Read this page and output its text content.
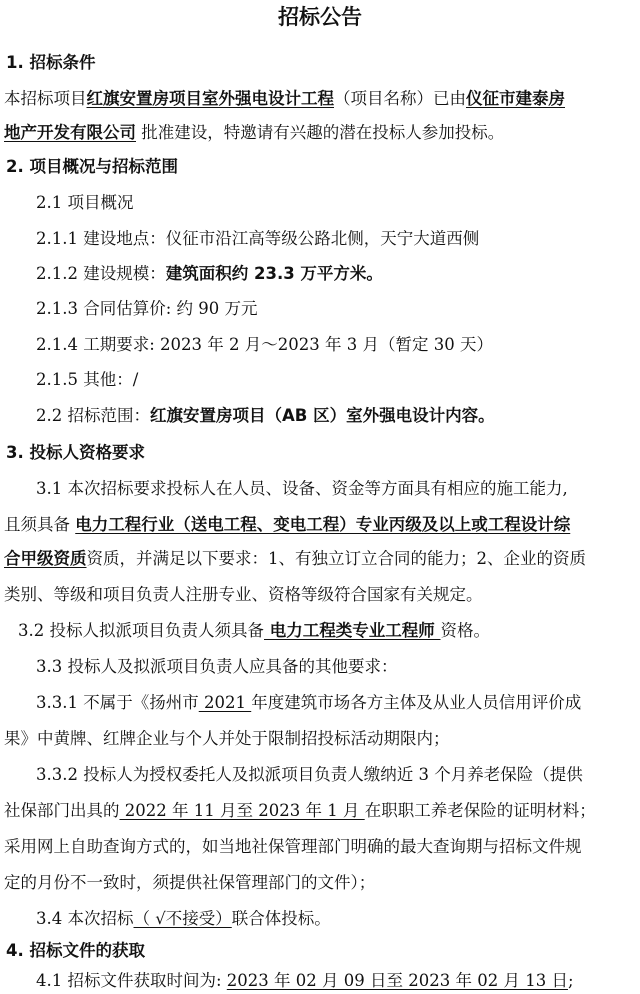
招标公告
1. 招标条件
本招标项目红旗安置房项目室外强电设计工程（项目名称）已由仪征市建泰房
地产开发有限公司 批准建设，特邀请有兴趣的潜在投标人参加投标。
2. 项目概况与招标范围
2.1 项目概况
2.1.1 建设地点：仪征市沿江高等级公路北侧，天宁大道西侧
2.1.2 建设规模：建筑面积约 23.3 万平方米。
2.1.3 合同估算价: 约 90 万元
2.1.4 工期要求: 2023 年 2 月～2023 年 3 月（暂定 30 天）
2.1.5 其他：/
2.2 招标范围：红旗安置房项目（AB 区）室外强电设计内容。
3. 投标人资格要求
3.1 本次招标要求投标人在人员、设备、资金等方面具有相应的施工能力,
且须具备 电力工程行业（送电工程、变电工程）专业丙级及以上或工程设计综
合甲级资质资质，并满足以下要求：1、有独立订立合同的能力；2、企业的资质
类别、等级和项目负责人注册专业、资格等级符合国家有关规定。
3.2 投标人拟派项目负责人须具备 电力工程类专业工程师 资格。
3.3 投标人及拟派项目负责人应具备的其他要求：
3.3.1 不属于《扬州市 2021 年度建筑市场各方主体及从业人员信用评价成
果》中黄牌、红牌企业与个人并处于限制招投标活动期限内；
3.3.2 投标人为授权委托人及拟派项目负责人缴纳近 3 个月养老保险（提供
社保部门出具的 2022 年 11 月至 2023 年 1 月 在职职工养老保险的证明材料；
采用网上自助查询方式的，如当地社保管理部门明确的最大查询期与招标文件规
定的月份不一致时，须提供社保管理部门的文件）；
3.4 本次招标（ √不接受）联合体投标。
4. 招标文件的获取
4.1 招标文件获取时间为: 2023 年 02 月 09 日至 2023 年 02 月 13 日;
